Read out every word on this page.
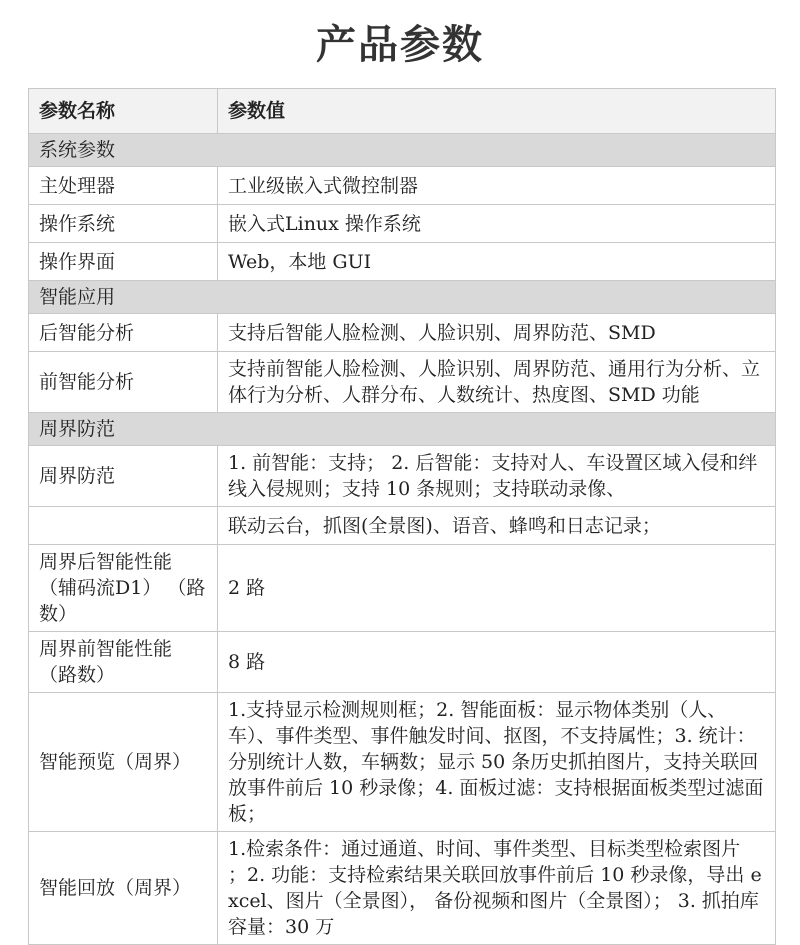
产品参数
参数名称	参数值
系统参数	
主处理器	工业级嵌入式微控制器
操作系统	嵌入式Linux 操作系统
操作界面	Web，本地 GUI
智能应用	
后智能分析	支持后智能人脸检测、人脸识别、周界防范、SMD
前智能分析	支持前智能人脸检测、人脸识别、周界防范、通用行为分析、立体行为分析、人群分布、人数统计、热度图、SMD 功能
周界防范	
周界防范	1. 前智能：支持； 2. 后智能：支持对人、车设置区域入侵和绊线入侵规则；支持 10 条规则；支持联动录像、
	联动云台，抓图(全景图)、语音、蜂鸣和日志记录；
周界后智能性能（辅码流D1） （路数）	2 路
周界前智能性能（路数）	8 路
智能预览（周界）	1.支持显示检测规则框；2. 智能面板：显示物体类别（人、车）、事件类型、事件触发时间、抠图，不支持属性；3. 统计：分别统计人数，车辆数；显示 50 条历史抓拍图片，支持关联回放事件前后 10 秒录像；4. 面板过滤：支持根据面板类型过滤面板；
智能回放（周界）	1.检索条件：通过通道、时间、事件类型、目标类型检索图片 ；2. 功能：支持检索结果关联回放事件前后 10 秒录像，导出 excel、图片（全景图）， 备份视频和图片（全景图）； 3. 抓拍库容量：30 万
